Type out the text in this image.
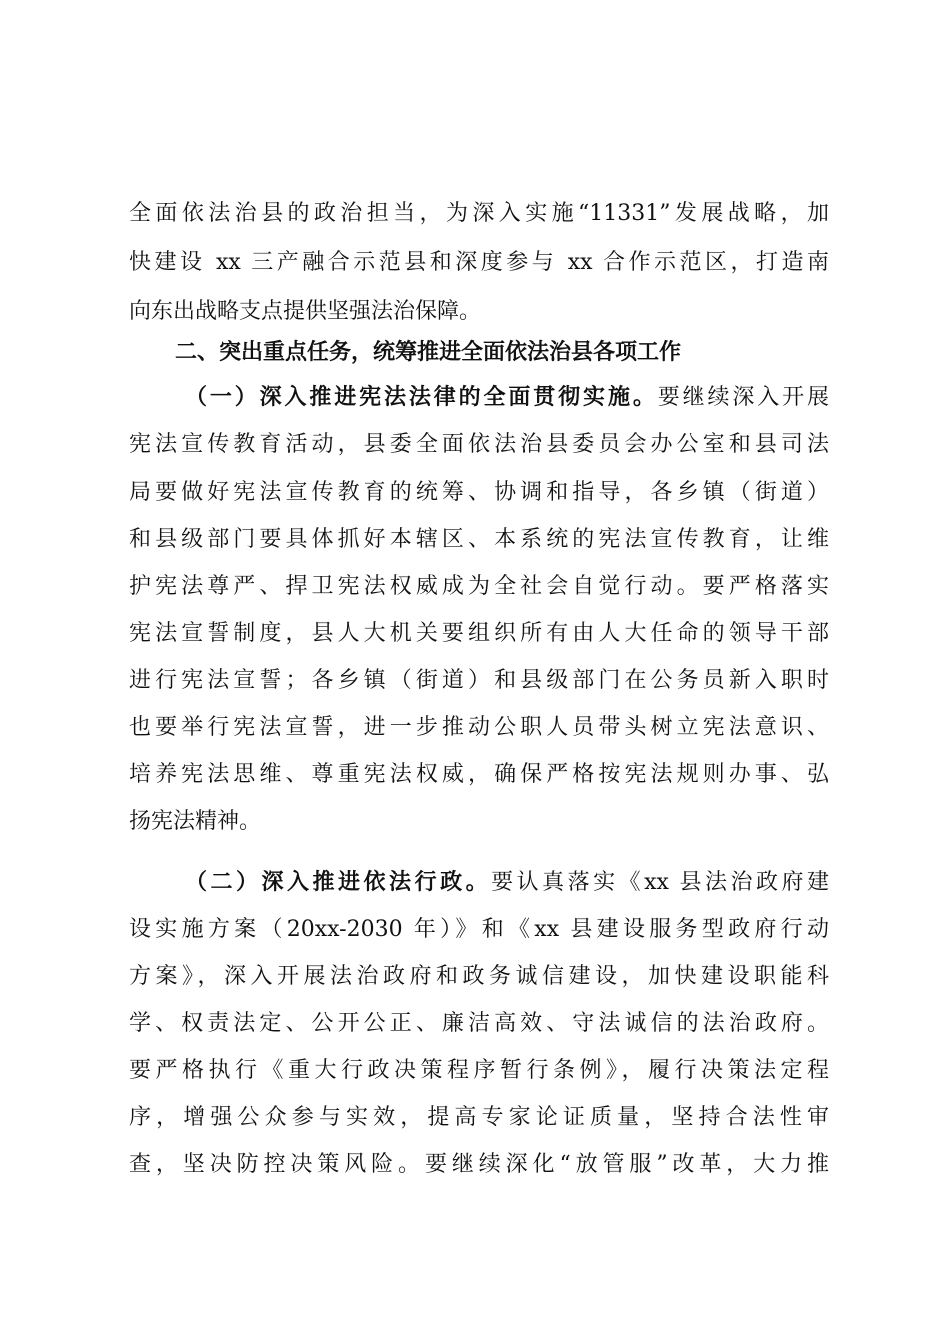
全面依法治县的政治担当，为深入实施“11331”发展战略，加
快建设 xx 三产融合示范县和深度参与 xx 合作示范区，打造南
向东出战略支点提供坚强法治保障。
二、突出重点任务，统筹推进全面依法治县各项工作
（一）深入推进宪法法律的全面贯彻实施。要继续深入开展
宪法宣传教育活动，县委全面依法治县委员会办公室和县司法
局要做好宪法宣传教育的统筹、协调和指导，各乡镇（街道）
和县级部门要具体抓好本辖区、本系统的宪法宣传教育，让维
护宪法尊严、捍卫宪法权威成为全社会自觉行动。要严格落实
宪法宣誓制度，县人大机关要组织所有由人大任命的领导干部
进行宪法宣誓；各乡镇（街道）和县级部门在公务员新入职时
也要举行宪法宣誓，进一步推动公职人员带头树立宪法意识、
培养宪法思维、尊重宪法权威，确保严格按宪法规则办事、弘
扬宪法精神。
（二）深入推进依法行政。要认真落实《xx 县法治政府建
设实施方案（20xx-2030 年）》和《xx 县建设服务型政府行动
方案》，深入开展法治政府和政务诚信建设，加快建设职能科
学、权责法定、公开公正、廉洁高效、守法诚信的法治政府。
要严格执行《重大行政决策程序暂行条例》，履行决策法定程
序，增强公众参与实效，提高专家论证质量，坚持合法性审
查，坚决防控决策风险。要继续深化“放管服”改革，大力推
